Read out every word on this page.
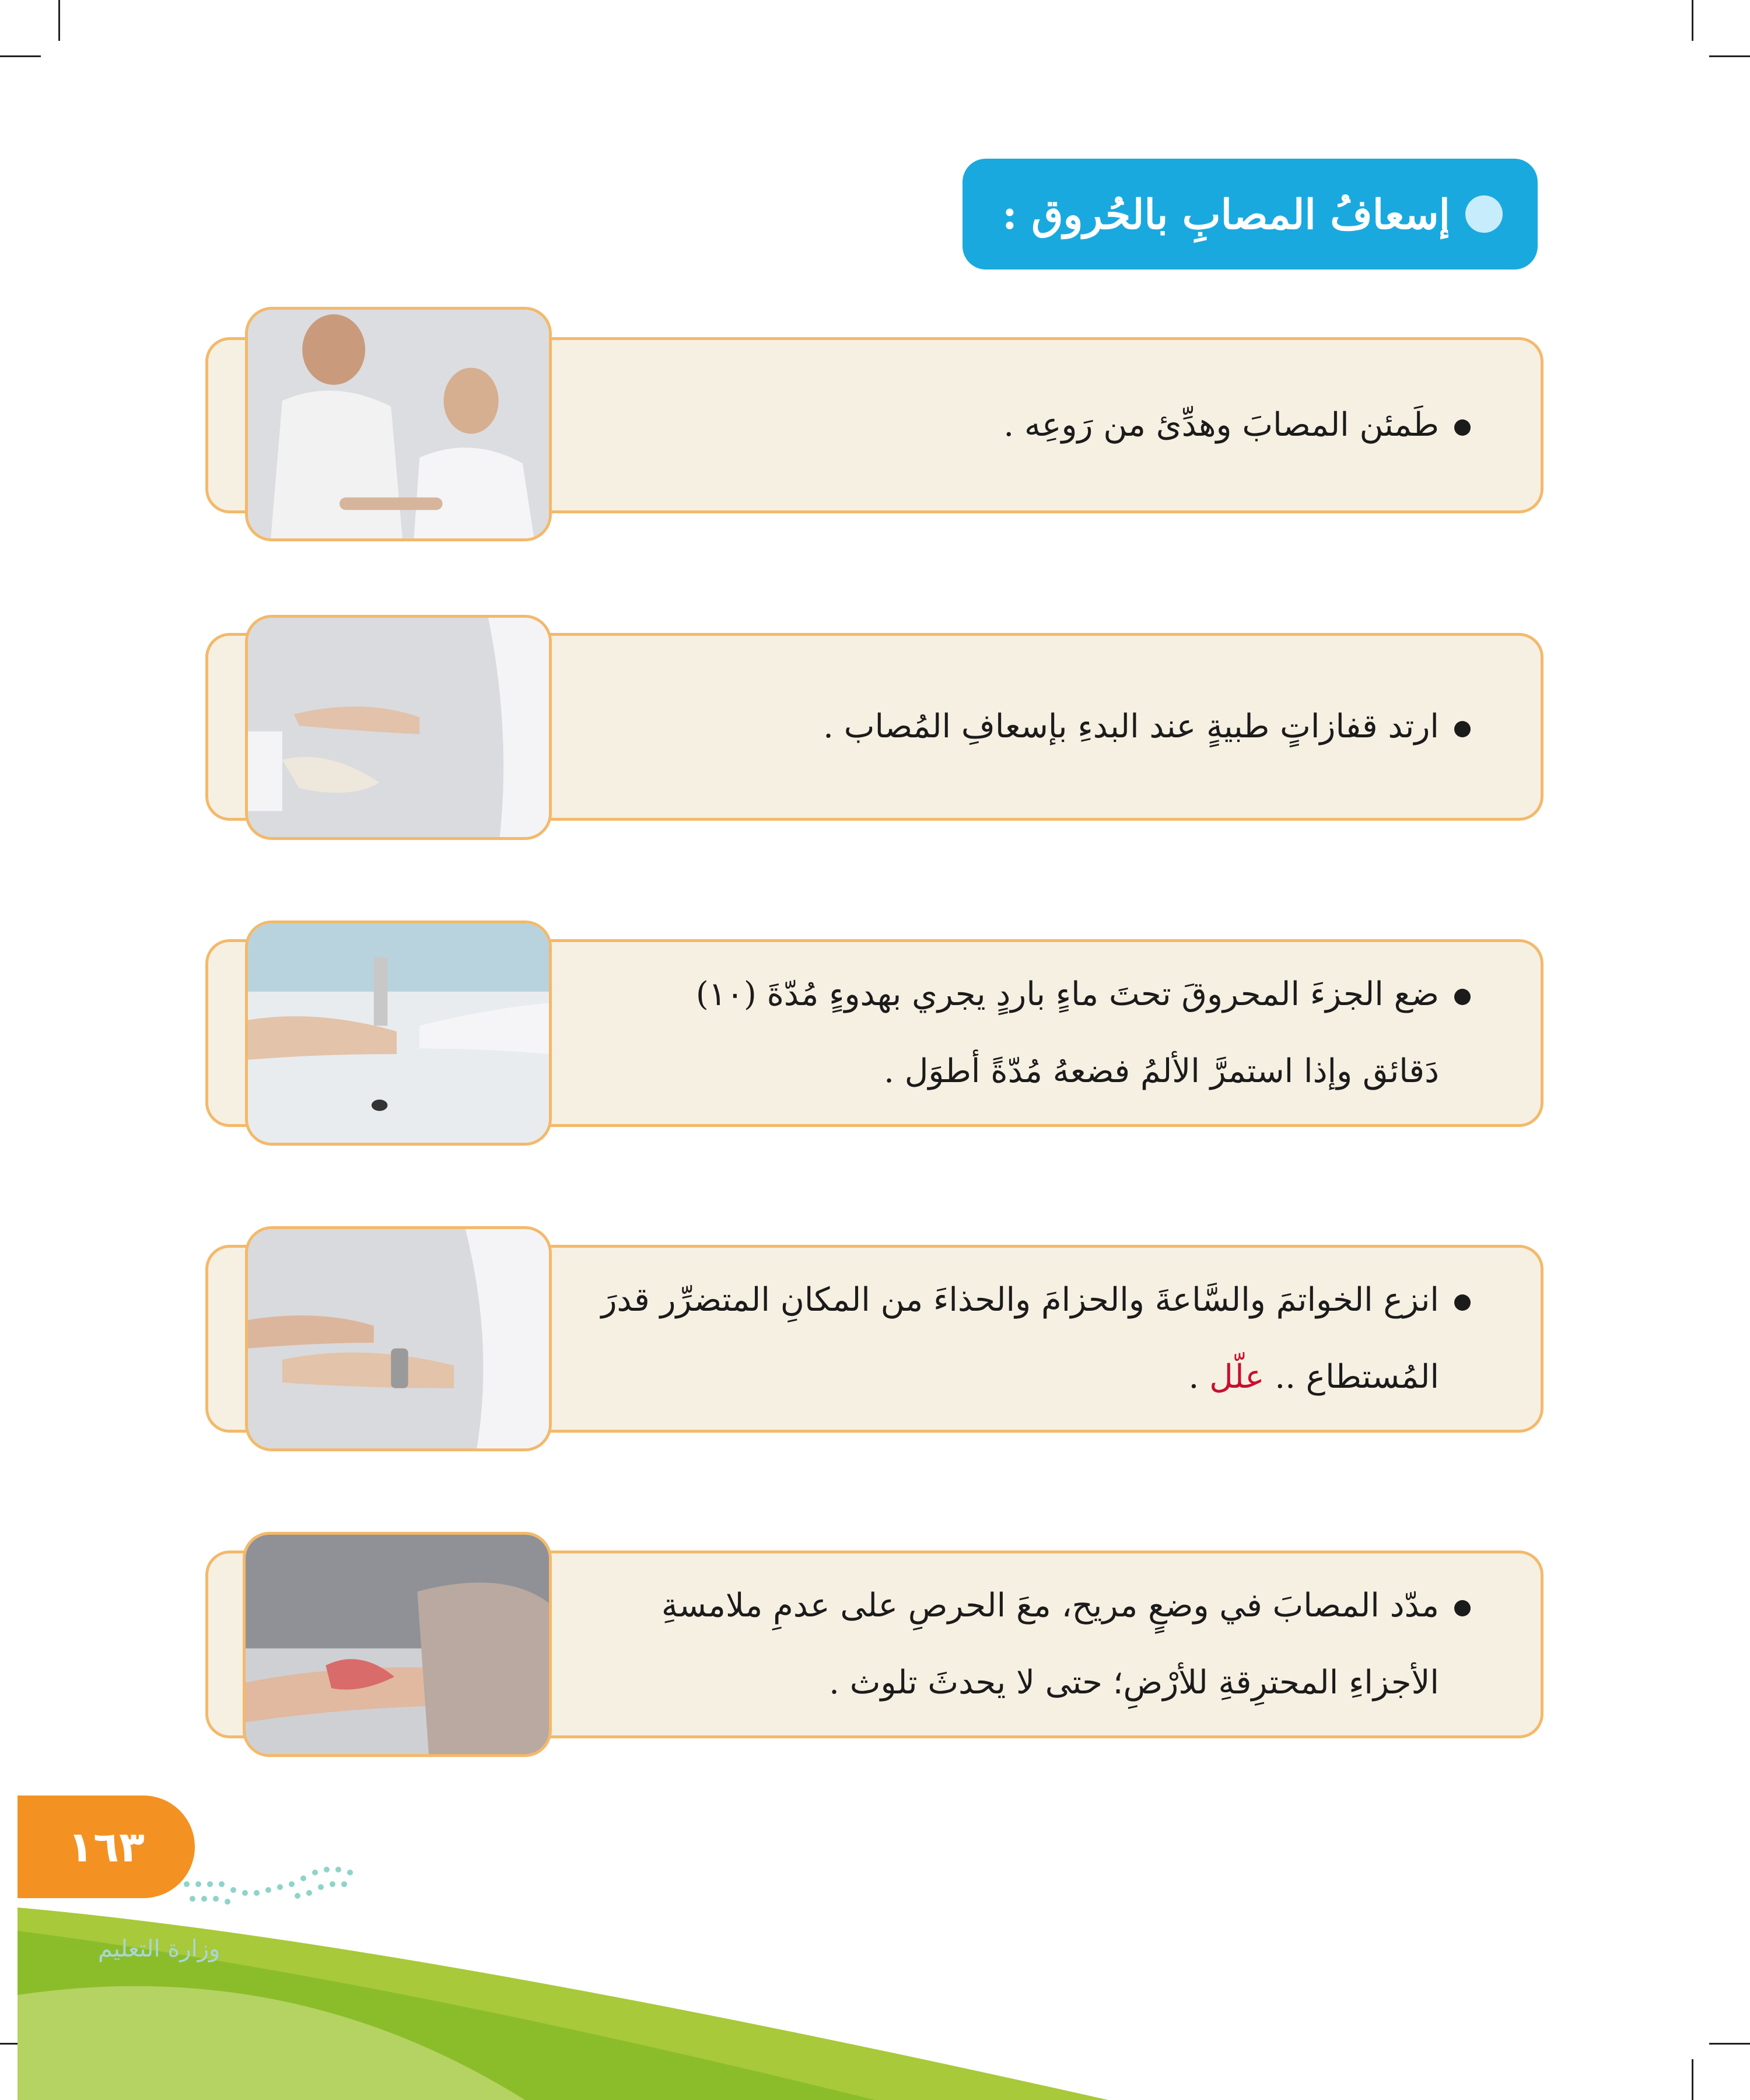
إسعافُ المصابِ بالحُروق :
طَمئن المصابَ وهدِّئ من رَوعِه .
ارتد قفازاتٍ طبيةٍ عند البدءِ بإسعافِ المُصاب .
ضع الجزءَ المحروقَ تحتَ ماءٍ باردٍ يجري بهدوءٍ مُدّةَ (١٠)
دَقائق وإذا استمرَّ الألمُ فضعهُ مُدّةً أطوَل .
انزع الخواتمَ والسَّاعةَ والحزامَ والحذاءَ من المكانِ المتضرِّر قدرَ
المُستطاع .. علّل .
مدّد المصابَ في وضعٍ مريح، معَ الحرصِ على عدمِ ملامسةِ
الأجزاءِ المحترِقةِ للأرْضِ؛ حتى لا يحدثَ تلوث .
١٦٣
وزارة التعليم
